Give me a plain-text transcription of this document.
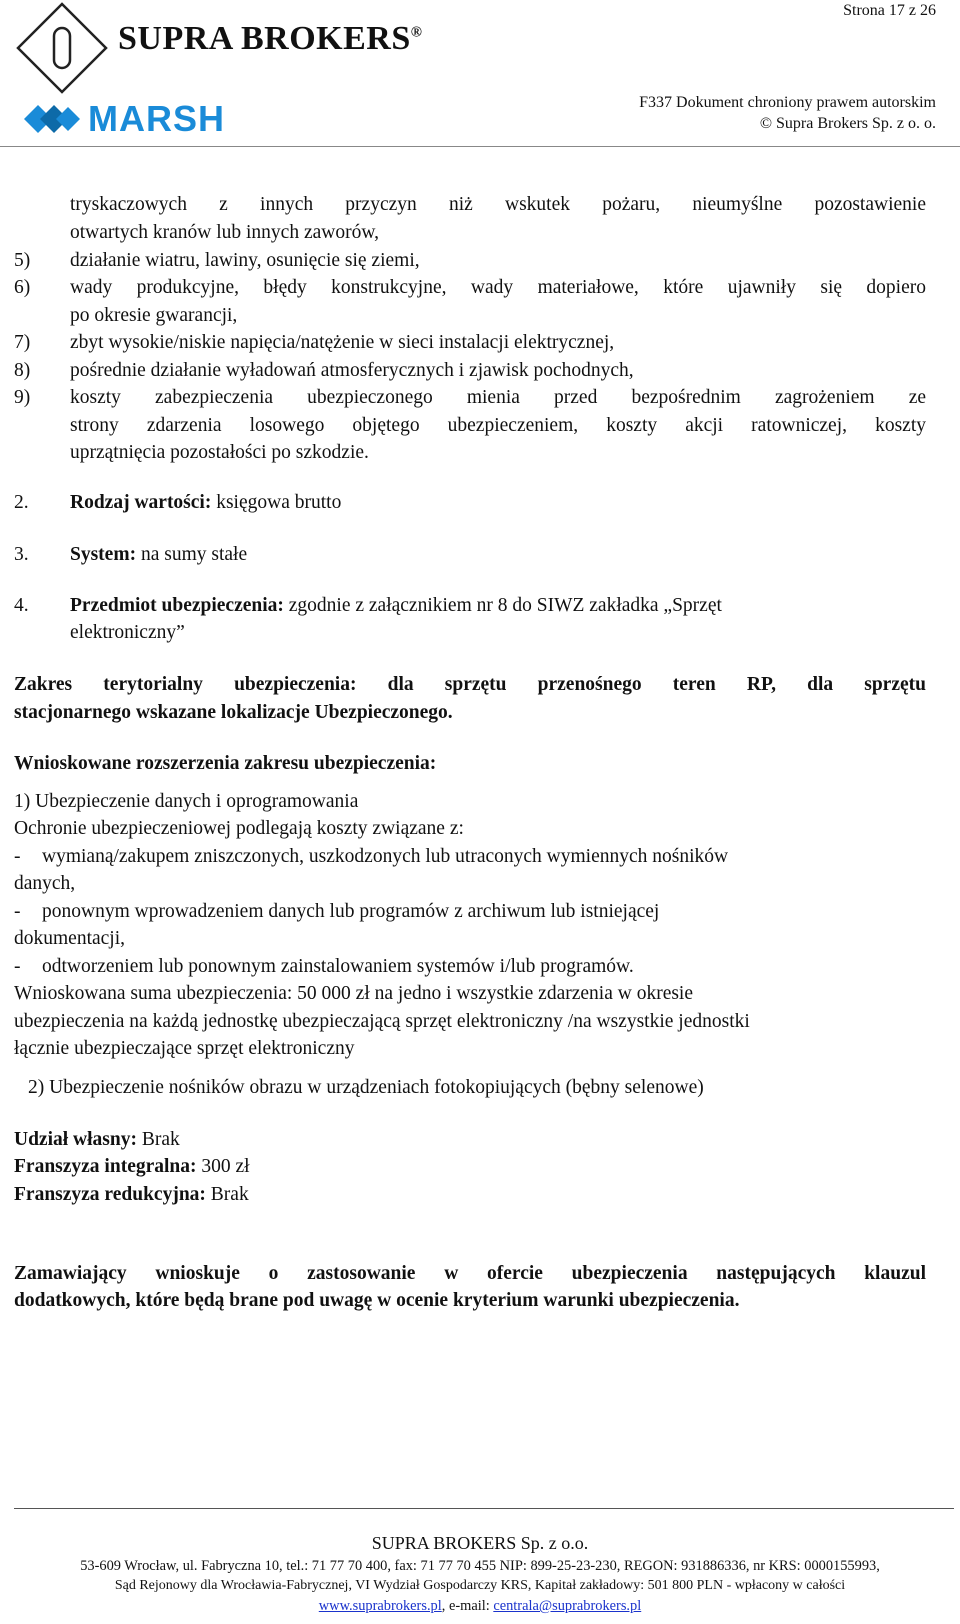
SUPRA BROKERS®
MARSH
Strona 17 z 26
F337 Dokument chroniony prawem autorskim
© Supra Brokers Sp. z o. o.
tryskaczowych z innych przyczyn niż wskutek pożaru, nieumyślne pozostawienie
otwartych kranów lub innych zaworów,
5) działanie wiatru, lawiny, osunięcie się ziemi,
6) wady produkcyjne, błędy konstrukcyjne, wady materiałowe, które ujawniły się dopiero
po okresie gwarancji,
7) zbyt wysokie/niskie napięcia/natężenie w sieci instalacji elektrycznej,
8) pośrednie działanie wyładowań atmosferycznych i zjawisk pochodnych,
9) koszty zabezpieczenia ubezpieczonego mienia przed bezpośrednim zagrożeniem ze
strony zdarzenia losowego objętego ubezpieczeniem, koszty akcji ratowniczej, koszty
uprzątnięcia pozostałości po szkodzie.
2. Rodzaj wartości: księgowa brutto
3. System: na sumy stałe
4. Przedmiot ubezpieczenia: zgodnie z załącznikiem nr 8 do SIWZ zakładka „Sprzęt
elektroniczny”
Zakres terytorialny ubezpieczenia: dla sprzętu przenośnego teren RP, dla sprzętu
stacjonarnego wskazane lokalizacje Ubezpieczonego.
Wnioskowane rozszerzenia zakresu ubezpieczenia:
1) Ubezpieczenie danych i oprogramowania
Ochronie ubezpieczeniowej podlegają koszty związane z:
- wymianą/zakupem zniszczonych, uszkodzonych lub utraconych wymiennych nośników
danych,
- ponownym wprowadzeniem danych lub programów z archiwum lub istniejącej
dokumentacji,
- odtworzeniem lub ponownym zainstalowaniem systemów i/lub programów.
Wnioskowana suma ubezpieczenia: 50 000 zł na jedno i wszystkie zdarzenia w okresie
ubezpieczenia na każdą jednostkę ubezpieczającą sprzęt elektroniczny /na wszystkie jednostki
łącznie ubezpieczające sprzęt elektroniczny
2) Ubezpieczenie nośników obrazu w urządzeniach fotokopiujących (bębny selenowe)
Udział własny: Brak
Franszyza integralna: 300 zł
Franszyza redukcyjna: Brak
Zamawiający wnioskuje o zastosowanie w ofercie ubezpieczenia następujących klauzul
dodatkowych, które będą brane pod uwagę w ocenie kryterium warunki ubezpieczenia.
SUPRA BROKERS Sp. z o.o.
53-609 Wrocław, ul. Fabryczna 10, tel.: 71 77 70 400, fax: 71 77 70 455 NIP: 899-25-23-230, REGON: 931886336, nr KRS: 0000155993,
Sąd Rejonowy dla Wrocławia-Fabrycznej, VI Wydział Gospodarczy KRS, Kapitał zakładowy: 501 800 PLN - wpłacony w całości
www.suprabrokers.pl, e-mail: centrala@suprabrokers.pl
